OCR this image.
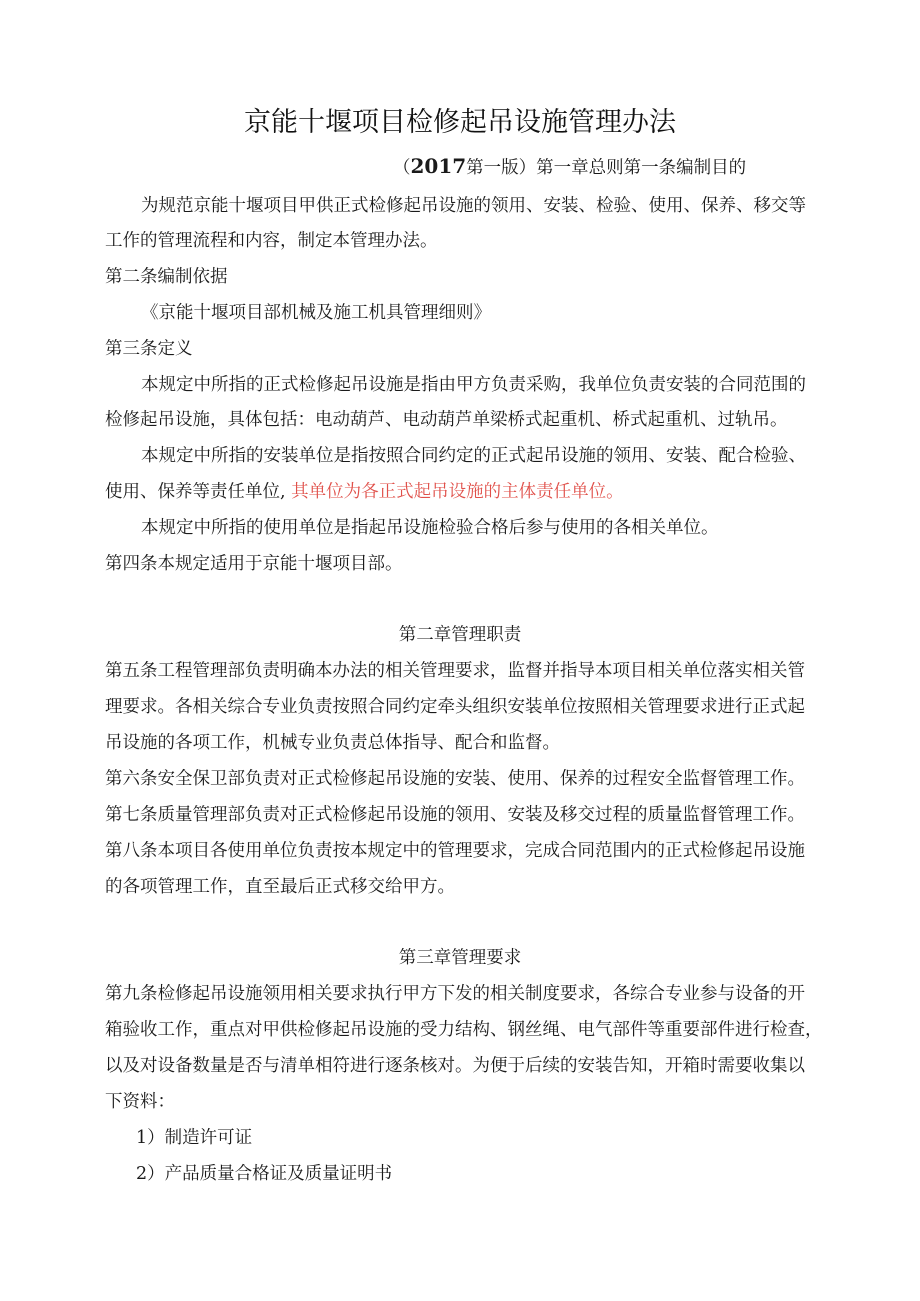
京能十堰项目检修起吊设施管理办法
（2017第一版）第一章总则第一条编制目的
为规范京能十堰项目甲供正式检修起吊设施的领用、安装、检验、使用、保养、移交等
工作的管理流程和内容，制定本管理办法。
第二条编制依据
《京能十堰项目部机械及施工机具管理细则》
第三条定义
本规定中所指的正式检修起吊设施是指由甲方负责采购，我单位负责安装的合同范围的
检修起吊设施，具体包括：电动葫芦、电动葫芦单梁桥式起重机、桥式起重机、过轨吊。
本规定中所指的安装单位是指按照合同约定的正式起吊设施的领用、安装、配合检验、
使用、保养等责任单位, 其单位为各正式起吊设施的主体责任单位。
本规定中所指的使用单位是指起吊设施检验合格后参与使用的各相关单位。
第四条本规定适用于京能十堰项目部。
第二章管理职责
第五条工程管理部负责明确本办法的相关管理要求，监督并指导本项目相关单位落实相关管
理要求。各相关综合专业负责按照合同约定牵头组织安装单位按照相关管理要求进行正式起
吊设施的各项工作，机械专业负责总体指导、配合和监督。
第六条安全保卫部负责对正式检修起吊设施的安装、使用、保养的过程安全监督管理工作。
第七条质量管理部负责对正式检修起吊设施的领用、安装及移交过程的质量监督管理工作。
第八条本项目各使用单位负责按本规定中的管理要求，完成合同范围内的正式检修起吊设施
的各项管理工作，直至最后正式移交给甲方。
第三章管理要求
第九条检修起吊设施领用相关要求执行甲方下发的相关制度要求，各综合专业参与设备的开
箱验收工作，重点对甲供检修起吊设施的受力结构、钢丝绳、电气部件等重要部件进行检查，
以及对设备数量是否与清单相符进行逐条核对。为便于后续的安装告知，开箱时需要收集以
下资料：
1）制造许可证
2）产品质量合格证及质量证明书
